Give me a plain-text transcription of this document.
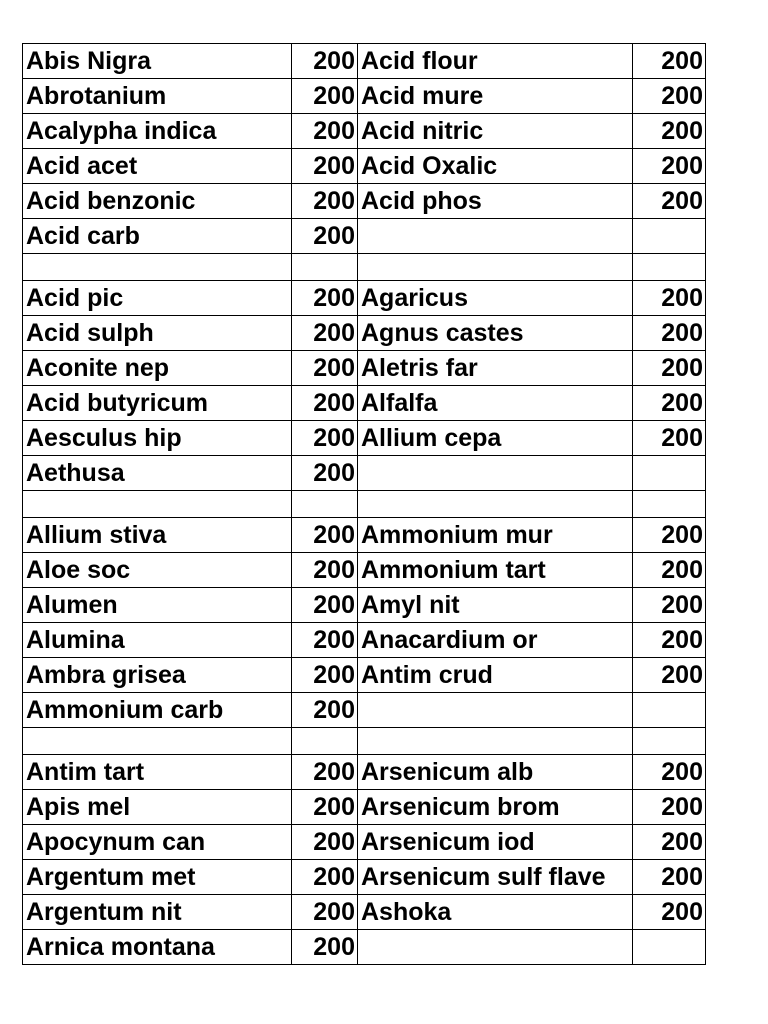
Abis Nigra	200	Acid flour	200
Abrotanium	200	Acid mure	200
Acalypha indica	200	Acid nitric	200
Acid acet	200	Acid Oxalic	200
Acid benzonic	200	Acid phos	200
Acid carb	200		

Acid pic	200	Agaricus	200
Acid sulph	200	Agnus castes	200
Aconite nep	200	Aletris far	200
Acid butyricum	200	Alfalfa	200
Aesculus hip	200	Allium cepa	200
Aethusa	200		

Allium stiva	200	Ammonium mur	200
Aloe soc	200	Ammonium tart	200
Alumen	200	Amyl nit	200
Alumina	200	Anacardium or	200
Ambra grisea	200	Antim crud	200
Ammonium carb	200		

Antim tart	200	Arsenicum alb	200
Apis mel	200	Arsenicum brom	200
Apocynum can	200	Arsenicum iod	200
Argentum met	200	Arsenicum sulf flave	200
Argentum nit	200	Ashoka	200
Arnica montana	200		
